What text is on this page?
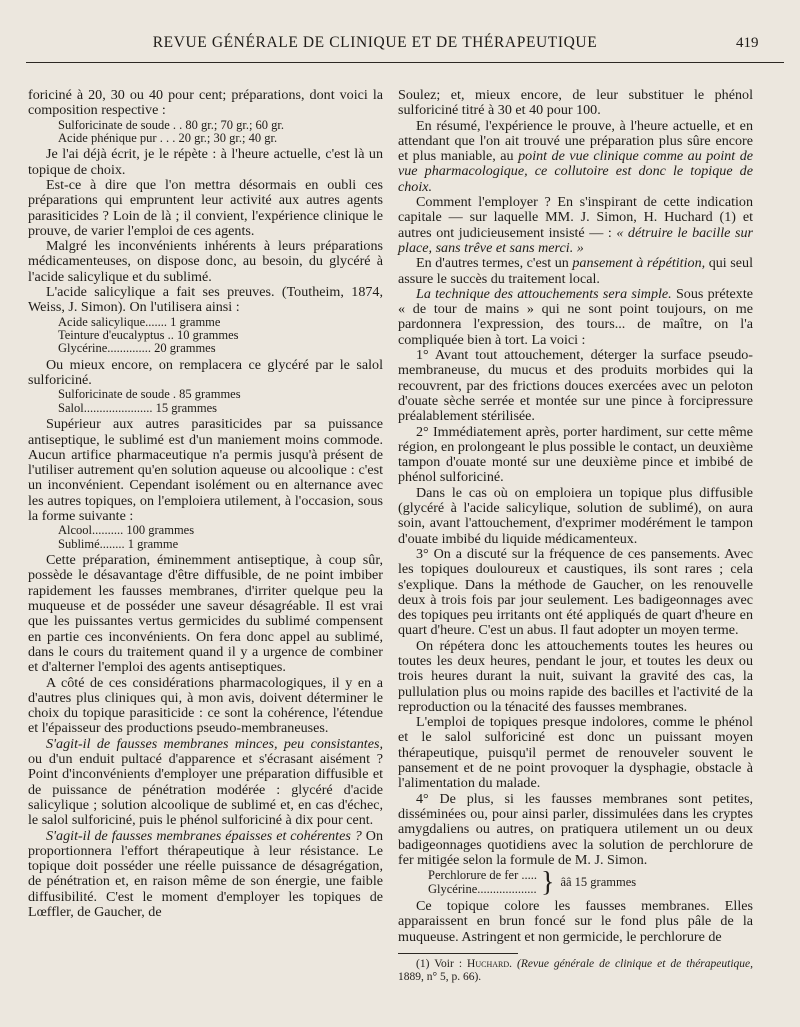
REVUE GÉNÉRALE DE CLINIQUE ET DE THÉRAPEUTIQUE	419

foriciné à 20, 30 ou 40 pour cent; préparations, dont voici la composition respective :

Sulforicinate de soude . . 80 gr.; 70 gr.; 60 gr.
Acide phénique pur . . . 20 gr.; 30 gr.; 40 gr.

Je l'ai déjà écrit, je le répète : à l'heure actuelle, c'est là un topique de choix.

Est-ce à dire que l'on mettra désormais en oubli ces préparations qui empruntent leur activité aux autres agents parasiticides ? Loin de là ; il convient, l'expérience clinique le prouve, de varier l'emploi de ces agents.

Malgré les inconvénients inhérents à leurs préparations médicamenteuses, on dispose donc, au besoin, du glycéré à l'acide salicylique et du sublimé.

L'acide salicylique a fait ses preuves. (Toutheim, 1874, Weiss, J. Simon). On l'utilisera ainsi :

Acide salicylique....... 1 gramme
Teinture d'eucalyptus .. 10 grammes
Glycérine.............. 20 grammes

Ou mieux encore, on remplacera ce glycéré par le salol sulforiciné.

Sulforicinate de soude . 85 grammes
Salol...................... 15 grammes

Supérieur aux autres parasiticides par sa puissance antiseptique, le sublimé est d'un maniement moins commode. Aucun artifice pharmaceutique n'a permis jusqu'à présent de l'utiliser autrement qu'en solution aqueuse ou alcoolique : c'est un inconvénient. Cependant isolément ou en alternance avec les autres topiques, on l'emploiera utilement, à l'occasion, sous la forme suivante :

Alcool.......... 100 grammes
Sublimé........ 1 gramme

Cette préparation, éminemment antiseptique, à coup sûr, possède le désavantage d'être diffusible, de ne point imbiber rapidement les fausses membranes, d'irriter quelque peu la muqueuse et de posséder une saveur désagréable. Il est vrai que les puissantes vertus germicides du sublimé compensent en partie ces inconvénients. On fera donc appel au sublimé, dans le cours du traitement quand il y a urgence de combiner et d'alterner l'emploi des agents antiseptiques.

A côté de ces considérations pharmacologiques, il y en a d'autres plus cliniques qui, à mon avis, doivent déterminer le choix du topique parasiticide : ce sont la cohérence, l'étendue et l'épaisseur des productions pseudo-membraneuses.

S'agit-il de fausses membranes minces, peu consistantes, ou d'un enduit pultacé d'apparence et s'écrasant aisément ? Point d'inconvénients d'employer une préparation diffusible et de puissance de pénétration modérée : glycéré d'acide salicylique ; solution alcoolique de sublimé et, en cas d'échec, le salol sulforiciné, puis le phénol sulforiciné à dix pour cent.

S'agit-il de fausses membranes épaisses et cohérentes ? On proportionnera l'effort thérapeutique à leur résistance. Le topique doit posséder une réelle puissance de désagrégation, de pénétration et, en raison même de son énergie, une faible diffusibilité. C'est le moment d'employer les topiques de Lœffler, de Gaucher, de

Soulez; et, mieux encore, de leur substituer le phénol sulforiciné titré à 30 et 40 pour 100.

En résumé, l'expérience le prouve, à l'heure actuelle, et en attendant que l'on ait trouvé une préparation plus sûre encore et plus maniable, au point de vue clinique comme au point de vue pharmacologique, ce collutoire est donc le topique de choix.

Comment l'employer ? En s'inspirant de cette indication capitale — sur laquelle MM. J. Simon, H. Huchard (1) et autres ont judicieusement insisté — : « détruire le bacille sur place, sans trêve et sans merci. »

En d'autres termes, c'est un pansement à répétition, qui seul assure le succès du traitement local.

La technique des attouchements sera simple. Sous prétexte « de tour de mains » qui ne sont point toujours, on me pardonnera l'expression, des tours... de maître, on l'a compliquée bien à tort. La voici :

1° Avant tout attouchement, déterger la surface pseudo-membraneuse, du mucus et des produits morbides qui la recouvrent, par des frictions douces exercées avec un peloton d'ouate sèche serrée et montée sur une pince à forcipressure préalablement stérilisée.

2° Immédiatement après, porter hardiment, sur cette même région, en prolongeant le plus possible le contact, un deuxième tampon d'ouate monté sur une deuxième pince et imbibé de phénol sulforiciné.

Dans le cas où on emploiera un topique plus diffusible (glycéré à l'acide salicylique, solution de sublimé), on aura soin, avant l'attouchement, d'exprimer modérément le tampon d'ouate imbibé du liquide médicamenteux.

3° On a discuté sur la fréquence de ces pansements. Avec les topiques douloureux et caustiques, ils sont rares ; cela s'explique. Dans la méthode de Gaucher, on les renouvelle deux à trois fois par jour seulement. Les badigeonnages avec des topiques peu irritants ont été appliqués de quart d'heure en quart d'heure. C'est un abus. Il faut adopter un moyen terme.

On répétera donc les attouchements toutes les heures ou toutes les deux heures, pendant le jour, et toutes les deux ou trois heures durant la nuit, suivant la gravité des cas, la pullulation plus ou moins rapide des bacilles et l'activité de la reproduction ou la ténacité des fausses membranes.

L'emploi de topiques presque indolores, comme le phénol et le salol sulforiciné est donc un puissant moyen thérapeutique, puisqu'il permet de renouveler souvent le pansement et de ne point provoquer la dysphagie, obstacle à l'alimentation du malade.

4° De plus, si les fausses membranes sont petites, disséminées ou, pour ainsi parler, dissimulées dans les cryptes amygdaliens ou autres, on pratiquera utilement un ou deux badigeonnages quotidiens avec la solution de perchlorure de fer mitigée selon la formule de M. J. Simon.

Perchlorure de fer .....
Glycérine................... } ââ 15 grammes

Ce topique colore les fausses membranes. Elles apparaissent en brun foncé sur le fond plus pâle de la muqueuse. Astringent et non germicide, le perchlorure de

(1) Voir : Huchard. (Revue générale de clinique et de thérapeutique, 1889, n° 5, p. 66).
